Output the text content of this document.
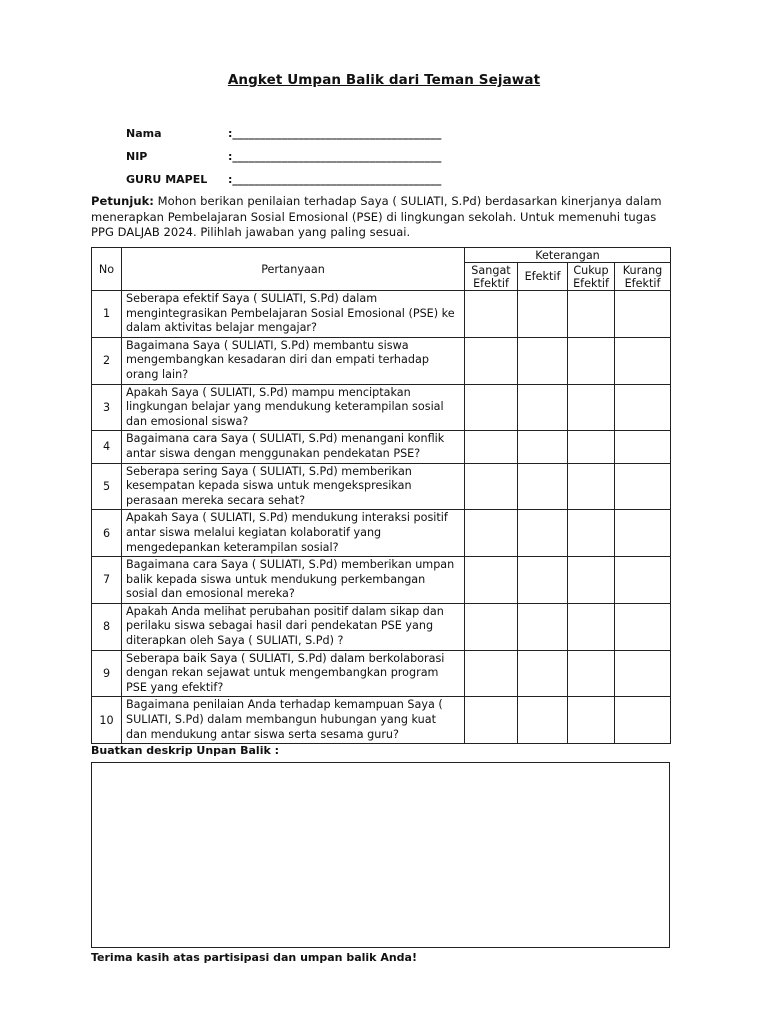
Angket Umpan Balik dari Teman Sejawat
Nama	:______________________________________
NIP	:______________________________________
GURU MAPEL :______________________________________
Petunjuk: Mohon berikan penilaian terhadap Saya ( SULIATI, S.Pd) berdasarkan kinerjanya dalam menerapkan Pembelajaran Sosial Emosional (PSE) di lingkungan sekolah. Untuk memenuhi tugas PPG DALJAB 2024. Pilihlah jawaban yang paling sesuai.
No	Pertanyaan	Keterangan			
		Sangat Efektif	Efektif	Cukup Efektif	Kurang Efektif
1	Seberapa efektif Saya ( SULIATI, S.Pd) dalam mengintegrasikan Pembelajaran Sosial Emosional (PSE) ke dalam aktivitas belajar mengajar?				
2	Bagaimana Saya ( SULIATI, S.Pd) membantu siswa mengembangkan kesadaran diri dan empati terhadap orang lain?				
3	Apakah Saya ( SULIATI, S.Pd) mampu menciptakan lingkungan belajar yang mendukung keterampilan sosial dan emosional siswa?				
4	Bagaimana cara Saya ( SULIATI, S.Pd) menangani konflik antar siswa dengan menggunakan pendekatan PSE?				
5	Seberapa sering Saya ( SULIATI, S.Pd) memberikan kesempatan kepada siswa untuk mengekspresikan perasaan mereka secara sehat?				
6	Apakah Saya ( SULIATI, S.Pd) mendukung interaksi positif antar siswa melalui kegiatan kolaboratif yang mengedepankan keterampilan sosial?				
7	Bagaimana cara Saya ( SULIATI, S.Pd) memberikan umpan balik kepada siswa untuk mendukung perkembangan sosial dan emosional mereka?				
8	Apakah Anda melihat perubahan positif dalam sikap dan perilaku siswa sebagai hasil dari pendekatan PSE yang diterapkan oleh Saya ( SULIATI, S.Pd) ?				
9	Seberapa baik Saya ( SULIATI, S.Pd) dalam berkolaborasi dengan rekan sejawat untuk mengembangkan program PSE yang efektif?				
10	Bagaimana penilaian Anda terhadap kemampuan Saya ( SULIATI, S.Pd) dalam membangun hubungan yang kuat dan mendukung antar siswa serta sesama guru?				
Buatkan deskrip Unpan Balik :
Terima kasih atas partisipasi dan umpan balik Anda!
